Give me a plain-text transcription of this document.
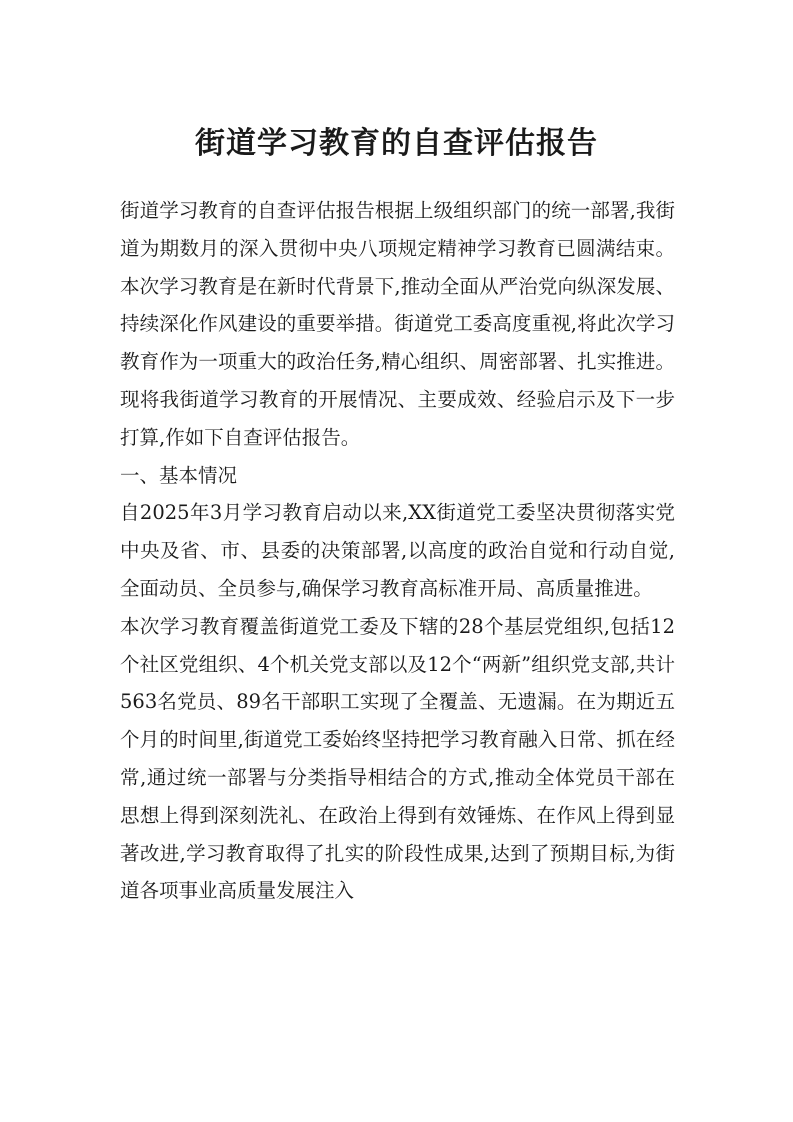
街道学习教育的自查评估报告

街道学习教育的自查评估报告根据上级组织部门的统一部署,我街道为期数月的深入贯彻中央八项规定精神学习教育已圆满结束。本次学习教育是在新时代背景下,推动全面从严治党向纵深发展、持续深化作风建设的重要举措。街道党工委高度重视,将此次学习教育作为一项重大的政治任务,精心组织、周密部署、扎实推进。现将我街道学习教育的开展情况、主要成效、经验启示及下一步打算,作如下自查评估报告。

一、基本情况

自2025年3月学习教育启动以来,XX街道党工委坚决贯彻落实党中央及省、市、县委的决策部署,以高度的政治自觉和行动自觉,全面动员、全员参与,确保学习教育高标准开局、高质量推进。

本次学习教育覆盖街道党工委及下辖的28个基层党组织,包括12个社区党组织、4个机关党支部以及12个“两新”组织党支部,共计563名党员、89名干部职工实现了全覆盖、无遗漏。在为期近五个月的时间里,街道党工委始终坚持把学习教育融入日常、抓在经常,通过统一部署与分类指导相结合的方式,推动全体党员干部在思想上得到深刻洗礼、在政治上得到有效锤炼、在作风上得到显著改进,学习教育取得了扎实的阶段性成果,达到了预期目标,为街道各项事业高质量发展注入
